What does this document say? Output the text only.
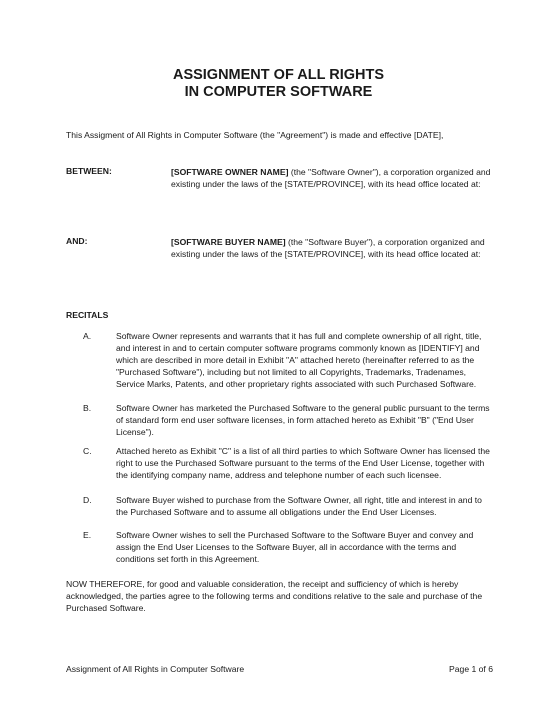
ASSIGNMENT OF ALL RIGHTS
IN COMPUTER SOFTWARE
This Assigment of All Rights in Computer Software (the "Agreement") is made and effective [DATE],
BETWEEN:	[SOFTWARE OWNER NAME] (the "Software Owner"), a corporation organized and existing under the laws of the [STATE/PROVINCE], with its head office located at:
AND:	[SOFTWARE BUYER NAME] (the "Software Buyer"), a corporation organized and existing under the laws of the [STATE/PROVINCE], with its head office located at:
RECITALS
A.	Software Owner represents and warrants that it has full and complete ownership of all right, title, and interest in and to certain computer software programs commonly known as [IDENTIFY] and which are described in more detail in Exhibit "A" attached hereto (hereinafter referred to as the "Purchased Software"), including but not limited to all Copyrights, Trademarks, Tradenames, Service Marks, Patents, and other proprietary rights associated with such Purchased Software.
B.	Software Owner has marketed the Purchased Software to the general public pursuant to the terms of standard form end user software licenses, in form attached hereto as Exhibit "B" ("End User License").
C.	Attached hereto as Exhibit "C" is a list of all third parties to which Software Owner has licensed the right to use the Purchased Software pursuant to the terms of the End User License, together with the identifying company name, address and telephone number of each such licensee.
D.	Software Buyer wished to purchase from the Software Owner, all right, title and interest in and to the Purchased Software and to assume all obligations under the End User Licenses.
E.	Software Owner wishes to sell the Purchased Software to the Software Buyer and convey and assign the End User Licenses to the Software Buyer, all in accordance with the terms and conditions set forth in this Agreement.
NOW THEREFORE, for good and valuable consideration, the receipt and sufficiency of which is hereby acknowledged, the parties agree to the following terms and conditions relative to the sale and purchase of the Purchased Software.
Assignment of All Rights in Computer Software	Page 1 of 6
